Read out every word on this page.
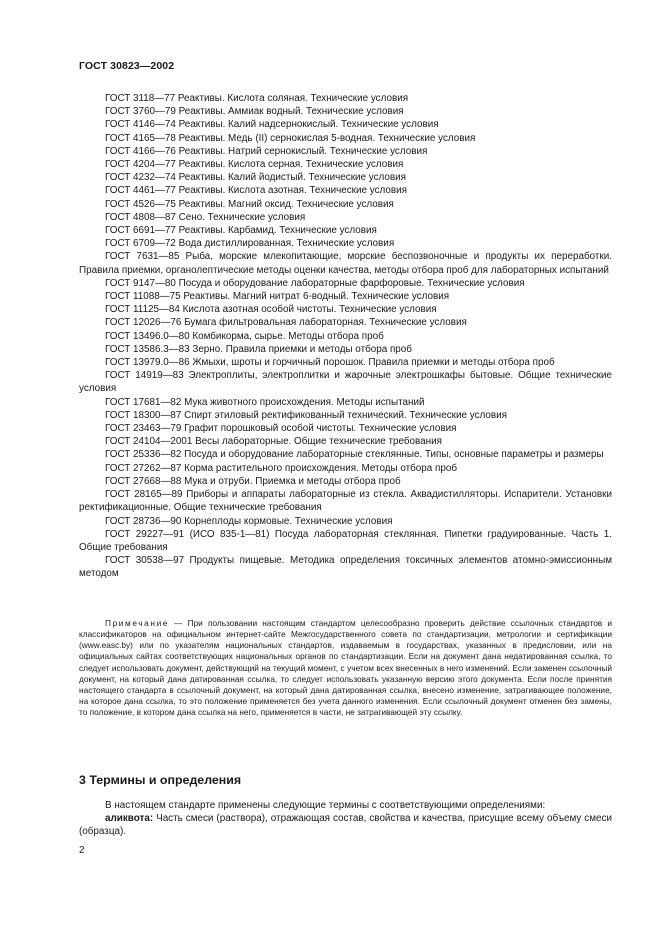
ГОСТ 30823—2002

ГОСТ 3118—77 Реактивы. Кислота соляная. Технические условия

ГОСТ 3760—79 Реактивы. Аммиак водный. Технические условия

ГОСТ 4146—74 Реактивы. Калий надсернокислый. Технические условия

ГОСТ 4165—78 Реактивы. Медь (II) сернокислая 5-водная. Технические условия

ГОСТ 4166—76 Реактивы. Натрий сернокислый. Технические условия

ГОСТ 4204—77 Реактивы. Кислота серная. Технические условия

ГОСТ 4232—74 Реактивы. Калий йодистый. Технические условия

ГОСТ 4461—77 Реактивы. Кислота азотная. Технические условия

ГОСТ 4526—75 Реактивы. Магний оксид. Технические условия

ГОСТ 4808—87 Сено. Технические условия

ГОСТ 6691—77 Реактивы. Карбамид. Технические условия

ГОСТ 6709—72 Вода дистиллированная. Технические условия

ГОСТ 7631—85 Рыба, морские млекопитающие, морские беспозвоночные и продукты их переработки. Правила приемки, органолептические методы оценки качества, методы отбора проб для лабораторных испытаний

ГОСТ 9147—80 Посуда и оборудование лабораторные фарфоровые. Технические условия

ГОСТ 11088—75 Реактивы. Магний нитрат 6-водный. Технические условия

ГОСТ 11125—84 Кислота азотная особой чистоты. Технические условия

ГОСТ 12026—76 Бумага фильтровальная лабораторная. Технические условия

ГОСТ 13496.0—80 Комбикорма, сырье. Методы отбора проб

ГОСТ 13586.3—83 Зерно. Правила приемки и методы отбора проб

ГОСТ 13979.0—86 Жмыхи, шроты и горчичный порошок. Правила приемки и методы отбора проб

ГОСТ 14919—83 Электроплиты, электроплитки и жарочные электрошкафы бытовые. Общие технические условия

ГОСТ 17681—82 Мука животного происхождения. Методы испытаний

ГОСТ 18300—87 Спирт этиловый ректификованный технический. Технические условия

ГОСТ 23463—79 Графит порошковый особой чистоты. Технические условия

ГОСТ 24104—2001 Весы лабораторные. Общие технические требования

ГОСТ 25336—82 Посуда и оборудование лабораторные стеклянные. Типы, основные параметры и размеры

ГОСТ 27262—87 Корма растительного происхождения. Методы отбора проб

ГОСТ 27668—88 Мука и отруби. Приемка и методы отбора проб

ГОСТ 28165—89 Приборы и аппараты лабораторные из стекла. Аквадистилляторы. Испарители. Установки ректификационные. Общие технические требования

ГОСТ 28736—90 Корнеплоды кормовые. Технические условия

ГОСТ 29227—91 (ИСО 835-1—81) Посуда лабораторная стеклянная. Пипетки градуированные. Часть 1. Общие требования

ГОСТ 30538—97 Продукты пищевые. Методика определения токсичных элементов атомно-эмиссионным методом

Примечание — При пользовании настоящим стандартом целесообразно проверить действие ссылочных стандартов и классификаторов на официальном интернет-сайте Межгосударственного совета по стандартизации, метрологии и сертификации (www.easc.by) или по указателям национальных стандартов, издаваемым в государствах, указанных в предисловии, или на официальных сайтах соответствующих национальных органов по стандартизации. Если на документ дана недатированная ссылка, то следует использовать документ, действующий на текущий момент, с учетом всех внесенных в него изменений. Если заменен ссылочный документ, на который дана датированная ссылка, то следует использовать указанную версию этого документа. Если после принятия настоящего стандарта в ссылочный документ, на который дана датированная ссылка, внесено изменение, затрагивающее положение, на которое дана ссылка, то это положение применяется без учета данного изменения. Если ссылочный документ отменен без замены, то положение, в котором дана ссылка на него, применяется в части, не затрагивающей эту ссылку.

3 Термины и определения

В настоящем стандарте применены следующие термины с соответствующими определениями:

аликвота: Часть смеси (раствора), отражающая состав, свойства и качества, присущие всему объему смеси (образца).

2
